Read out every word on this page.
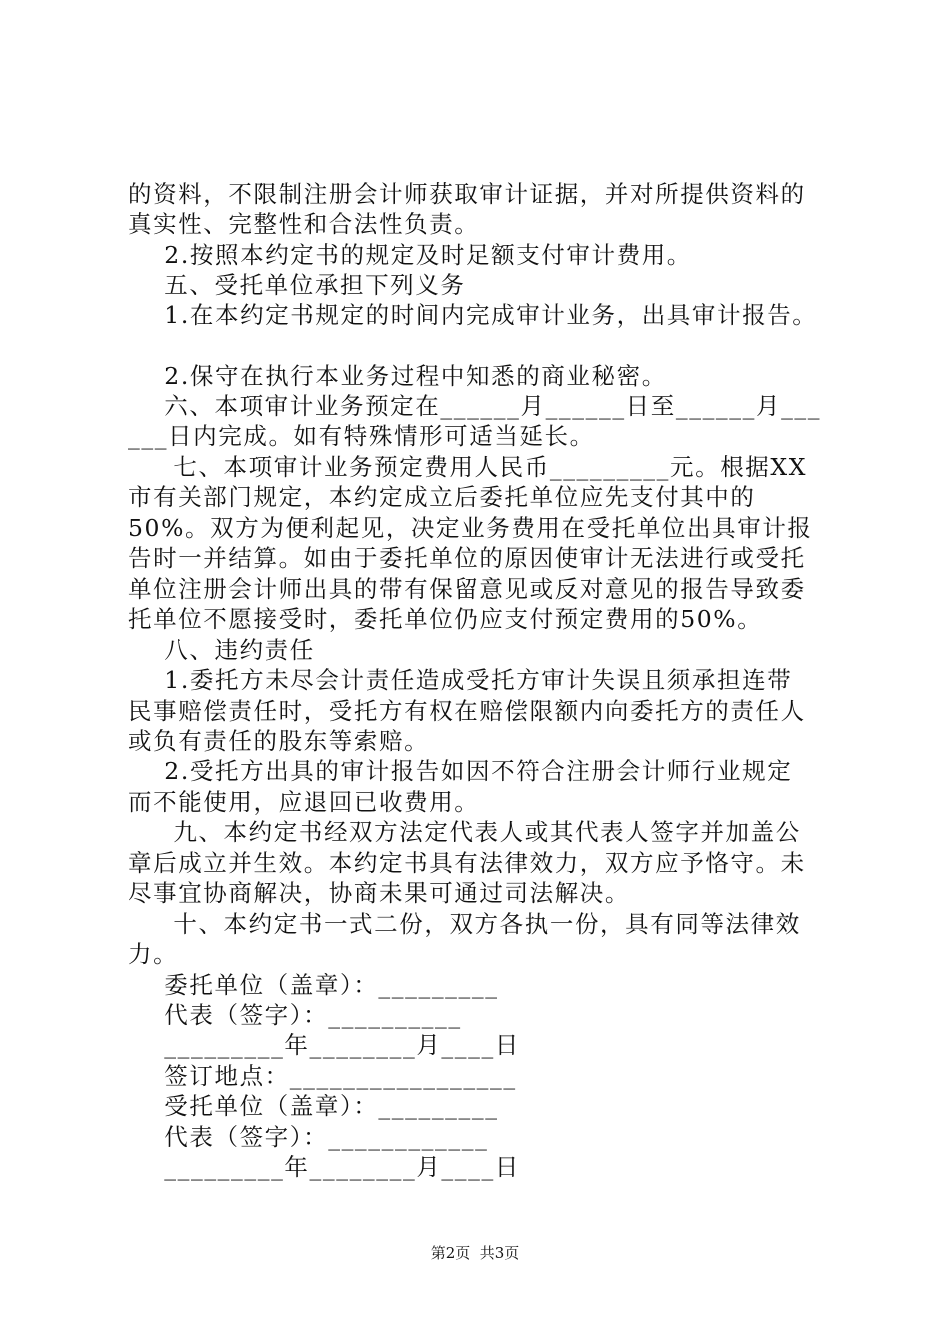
的资料，不限制注册会计师获取审计证据，并对所提供资料的
真实性、完整性和合法性负责。
2.按照本约定书的规定及时足额支付审计费用。
五、受托单位承担下列义务
1.在本约定书规定的时间内完成审计业务，出具审计报告。
2.保守在执行本业务过程中知悉的商业秘密。
六、本项审计业务预定在______月______日至______月___
___日内完成。如有特殊情形可适当延长。
七、本项审计业务预定费用人民币_________元。根据XX
市有关部门规定，本约定成立后委托单位应先支付其中的
50%。双方为便利起见，决定业务费用在受托单位出具审计报
告时一并结算。如由于委托单位的原因使审计无法进行或受托
单位注册会计师出具的带有保留意见或反对意见的报告导致委
托单位不愿接受时，委托单位仍应支付预定费用的50%。
八、违约责任
1.委托方未尽会计责任造成受托方审计失误且须承担连带
民事赔偿责任时，受托方有权在赔偿限额内向委托方的责任人
或负有责任的股东等索赔。
2.受托方出具的审计报告如因不符合注册会计师行业规定
而不能使用，应退回已收费用。
九、本约定书经双方法定代表人或其代表人签字并加盖公
章后成立并生效。本约定书具有法律效力，双方应予恪守。未
尽事宜协商解决，协商未果可通过司法解决。
十、本约定书一式二份，双方各执一份，具有同等法律效
力。
委托单位（盖章）：_________
代表（签字）：__________
_________年________月____日
签订地点：_________________
受托单位（盖章）：_________
代表（签字）：____________
_________年________月____日
第2页  共3页
